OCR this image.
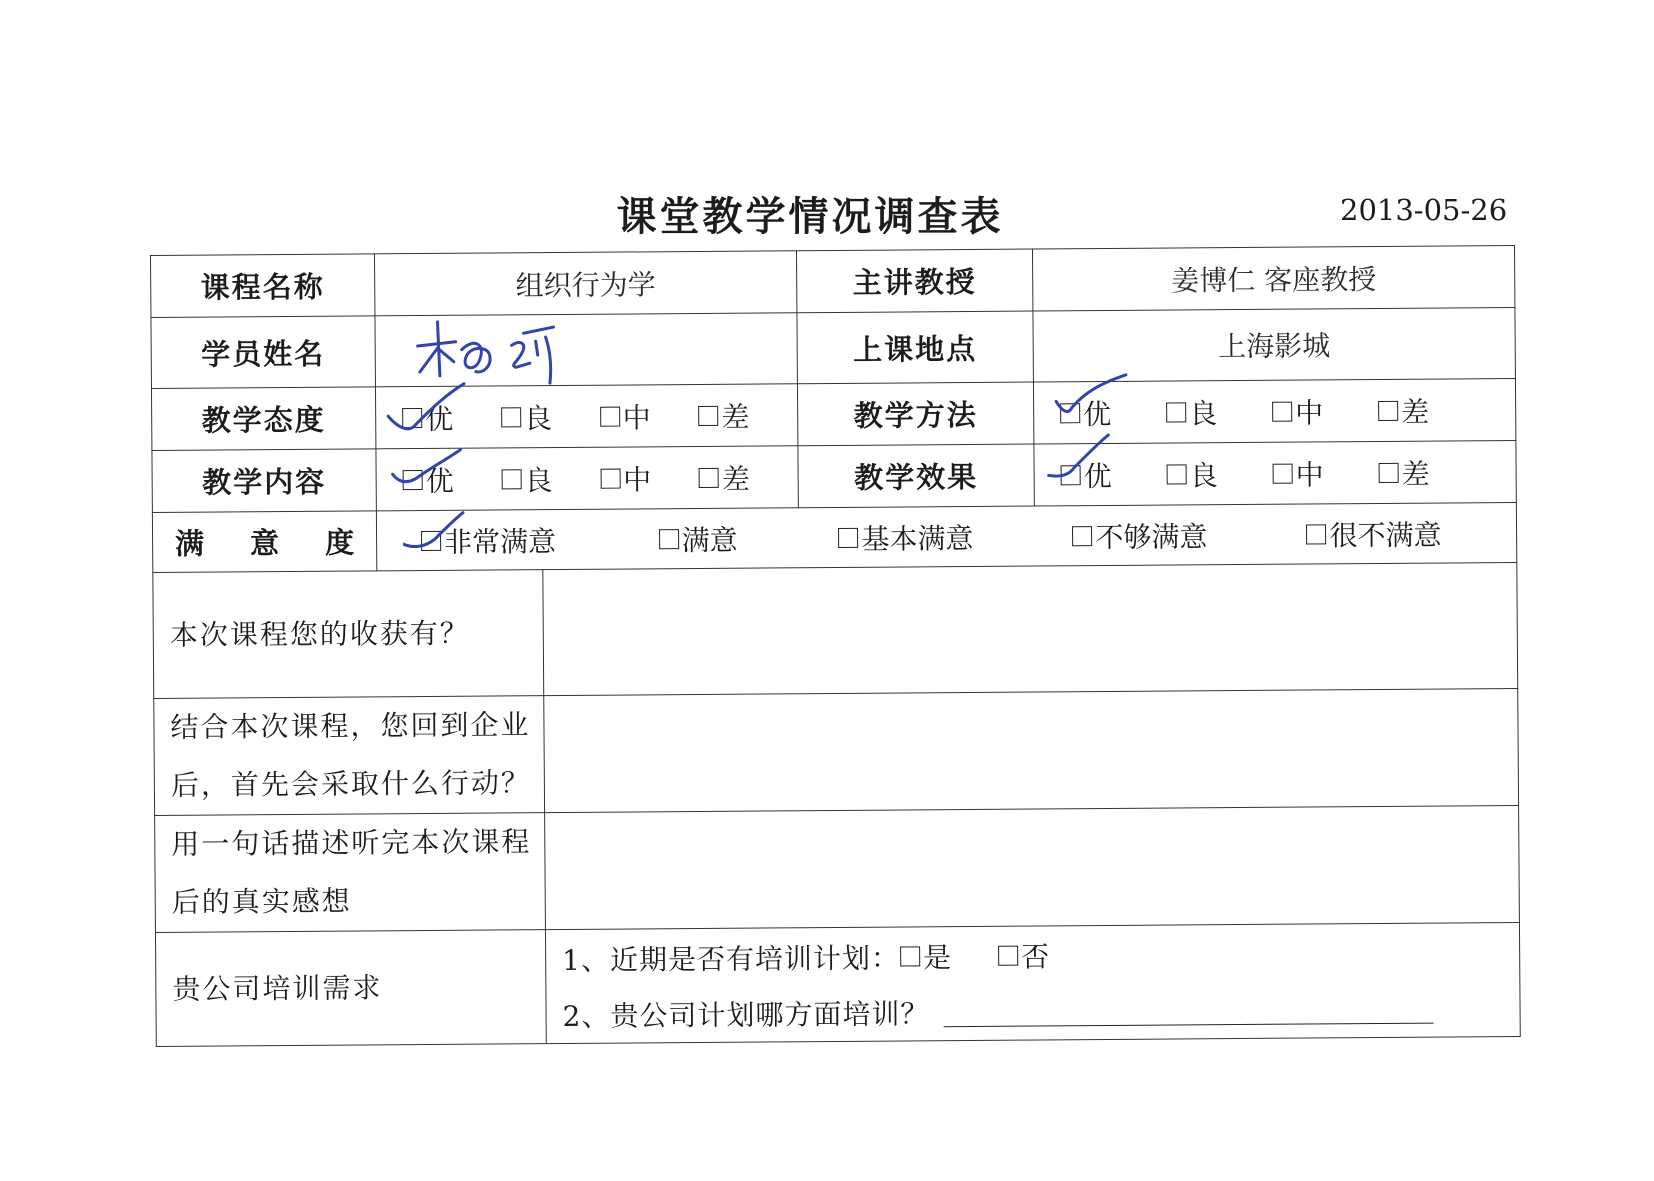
课堂教学情况调查表	2013-05-26
课程名称	组织行为学		主讲教授	姜博仁 客座教授
学员姓名			上课地点	上海影城
教学态度	优 良 中 差		教学方法	优 良 中 差

教学内容	优 良 中 差		教学效果	优 良 中 差

满 意 度	非常满意 满意 基本满意 不够满意 很不满意			

本次课程您的收获有？				

结合本次课程，您回到企业
后，首先会采取什么行动？				

用一句话描述听完本次课程
后的真实感想				

贵公司培训需求		1、近期是否有培训计划： 是 否
2、贵公司计划哪方面培训？		
